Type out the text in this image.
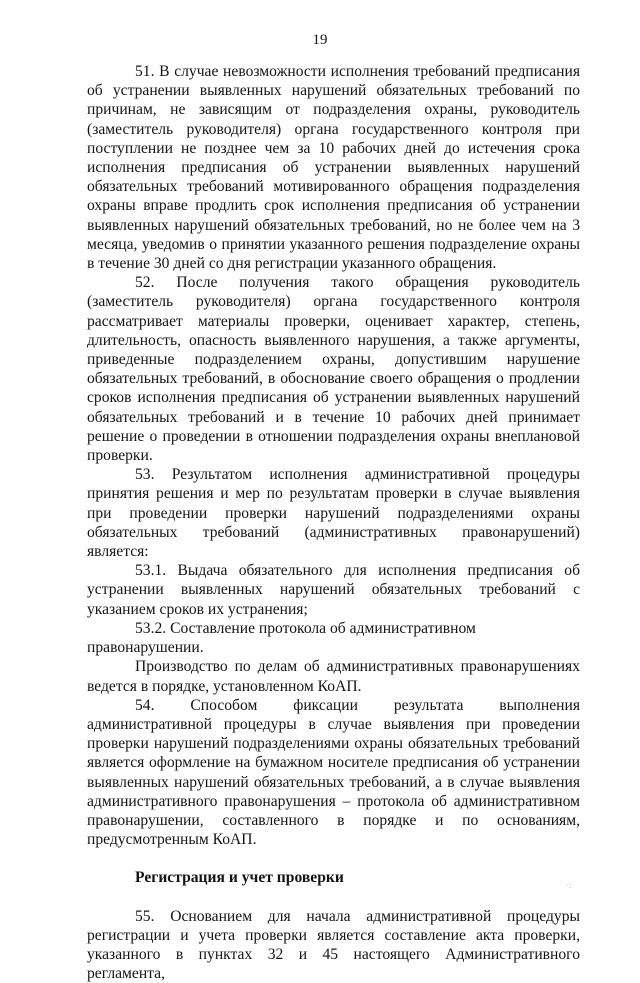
19

51. В случае невозможности исполнения требований предписания об устранении выявленных нарушений обязательных требований по причинам, не зависящим от подразделения охраны, руководитель (заместитель руководителя) органа государственного контроля при поступлении не позднее чем за 10 рабочих дней до истечения срока исполнения предписания об устранении выявленных нарушений обязательных требований мотивированного обращения подразделения охраны вправе продлить срок исполнения предписания об устранении выявленных нарушений обязательных требований, но не более чем на 3 месяца, уведомив о принятии указанного решения подразделение охраны в течение 30 дней со дня регистрации указанного обращения.

52. После получения такого обращения руководитель (заместитель руководителя) органа государственного контроля рассматривает материалы проверки, оценивает характер, степень, длительность, опасность выявленного нарушения, а также аргументы, приведенные подразделением охраны, допустившим нарушение обязательных требований, в обоснование своего обращения о продлении сроков исполнения предписания об устранении выявленных нарушений обязательных требований и в течение 10 рабочих дней принимает решение о проведении в отношении подразделения охраны внеплановой проверки.

53. Результатом исполнения административной процедуры принятия решения и мер по результатам проверки в случае выявления при проведении проверки нарушений подразделениями охраны обязательных требований (административных правонарушений) является:

53.1. Выдача обязательного для исполнения предписания об устранении выявленных нарушений обязательных требований с указанием сроков их устранения;

53.2. Составление протокола об административном правонарушении.

Производство по делам об административных правонарушениях ведется в порядке, установленном КоАП.

54. Способом фиксации результата выполнения административной процедуры в случае выявления при проведении проверки нарушений подразделениями охраны обязательных требований является оформление на бумажном носителе предписания об устранении выявленных нарушений обязательных требований, а в случае выявления административного правонарушения – протокола об административном правонарушении, составленного в порядке и по основаниям, предусмотренным КоАП.

Регистрация и учет проверки

55. Основанием для начала административной процедуры регистрации и учета проверки является составление акта проверки, указанного в пунктах 32 и 45 настоящего Административного регламента,

·:
